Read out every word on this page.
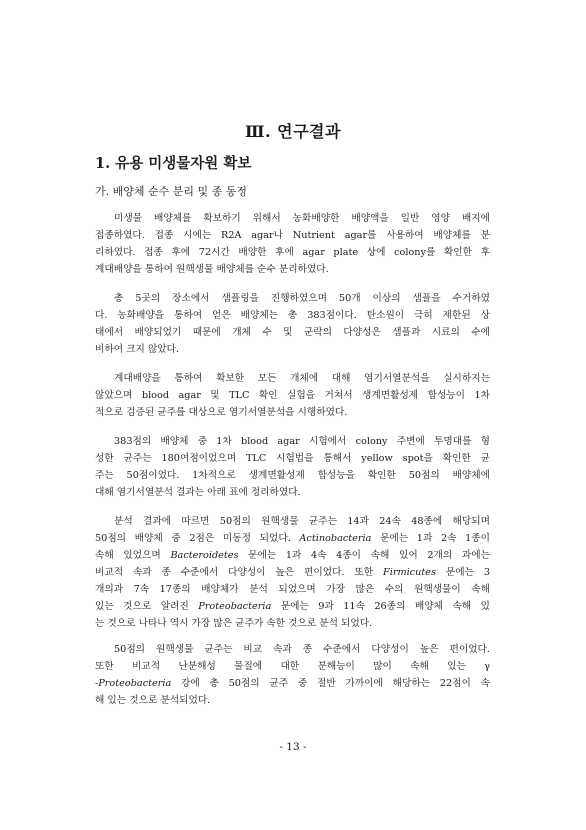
Ⅲ. 연구결과
1. 유용 미생물자원 확보
가. 배양체 순수 분리 및 종 동정

미생물 배양체를 확보하기 위해서 농화배양한 배양액을 일반 영양 배지에
접종하였다. 접종 시에는 R2A agar나 Nutrient agar를 사용하여 배양체를 분
리하였다. 접종 후에 72시간 배양한 후에 agar plate 상에 colony를 확인한 후
계대배양을 통하여 원핵생물 배양체를 순수 분리하였다.

총 5곳의 장소에서 샘플링을 진행하였으며 50개 이상의 샘플을 수거하였
다. 농화배양을 통하여 얻은 배양체는 총 383점이다. 탄소원이 극히 제한된 상
태에서 배양되었기 때문에 개체 수 및 군락의 다양성은 샘플과 시료의 수에
비하여 크지 않았다.

계대배양을 통하여 확보한 모든 개체에 대해 염기서열분석을 실시하지는
않았으며 blood agar 및 TLC 확인 실험을 거쳐서 생계면활성제 합성능이 1차
적으로 검증된 균주를 대상으로 염기서열분석을 시행하였다.

383점의 배양체 중 1차 blood agar 시험에서 colony 주변에 투명대를 형
성한 균주는 180여점이었으며 TLC 시험법을 통해서 yellow spot을 확인한 균
주는 50점이었다. 1차적으로 생계면활성제 합성능을 확인한 50점의 배양체에
대해 염기서열분석 결과는 아래 표에 정리하였다.

분석 결과에 따르면 50점의 원핵생물 균주는 14과 24속 48종에 해당되며
50점의 배양체 중 2점은 미동정 되었다. Actinobacteria 문에는 1과 2속 1종이
속해 있었으며 Bacteroidetes 문에는 1과 4속 4종이 속해 있어 2개의 과에는
비교적 속과 종 수준에서 다양성이 높은 편이었다. 또한 Firmicutes 문에는 3
개의과 7속 17종의 배양체가 분석 되었으며 가장 많은 수의 원핵생물이 속해
있는 것으로 알려진 Proteobacteria 문에는 9과 11속 26종의 배양체 속해 있
는 것으로 나타나 역시 가장 많은 균주가 속한 것으로 분석 되었다.

50점의 원핵생물 균주는 비교 속과 종 수준에서 다양성이 높은 편이었다.
또한 비교적 난분해성 물질에 대한 분해능이 많이 속해 있는 γ
-Proteobacteria 강에 총 50점의 균주 중 절반 가까이에 해당하는 22점이 속
해 있는 것으로 분석되었다.

- 13 -
